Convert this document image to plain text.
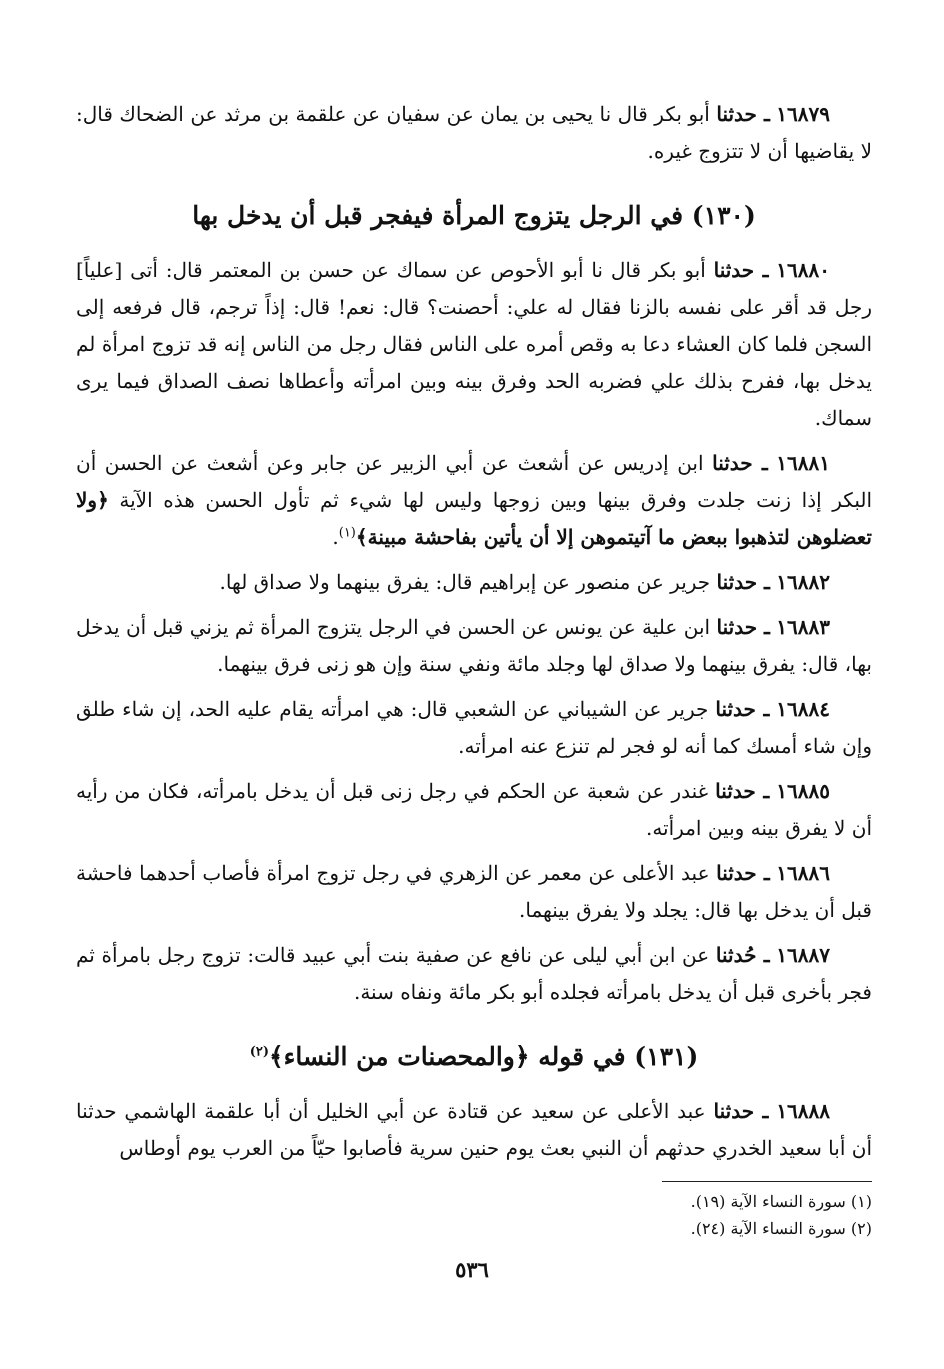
١٦٨٧٩ ـ حدثنا أبو بكر قال نا يحيى بن يمان عن سفيان عن علقمة بن مرثد عن الضحاك قال: لا يقاضيها أن لا تتزوج غيره.

(١٣٠) في الرجل يتزوج المرأة فيفجر قبل أن يدخل بها

١٦٨٨٠ ـ حدثنا أبو بكر قال نا أبو الأحوص عن سماك عن حسن بن المعتمر قال: أتى [علياً] رجل قد أقر على نفسه بالزنا فقال له علي: أحصنت؟ قال: نعم! قال: إذاً ترجم، قال فرفعه إلى السجن فلما كان العشاء دعا به وقص أمره على الناس فقال رجل من الناس إنه قد تزوج امرأة لم يدخل بها، ففرح بذلك علي فضربه الحد وفرق بينه وبين امرأته وأعطاها نصف الصداق فيما يرى سماك.

١٦٨٨١ ـ حدثنا ابن إدريس عن أشعث عن أبي الزبير عن جابر وعن أشعث عن الحسن أن البكر إذا زنت جلدت وفرق بينها وبين زوجها وليس لها شيء ثم تأول الحسن هذه الآية ﴿ولا تعضلوهن لتذهبوا ببعض ما آتيتموهن إلا أن يأتين بفاحشة مبينة﴾$^{(١)}$.

١٦٨٨٢ ـ حدثنا جرير عن منصور عن إبراهيم قال: يفرق بينهما ولا صداق لها.

١٦٨٨٣ ـ حدثنا ابن علية عن يونس عن الحسن في الرجل يتزوج المرأة ثم يزني قبل أن يدخل بها، قال: يفرق بينهما ولا صداق لها وجلد مائة ونفي سنة وإن هو زنى فرق بينهما.

١٦٨٨٤ ـ حدثنا جرير عن الشيباني عن الشعبي قال: هي امرأته يقام عليه الحد، إن شاء طلق وإن شاء أمسك كما أنه لو فجر لم تنزع عنه امرأته.

١٦٨٨٥ ـ حدثنا غندر عن شعبة عن الحكم في رجل زنى قبل أن يدخل بامرأته، فكان من رأيه أن لا يفرق بينه وبين امرأته.

١٦٨٨٦ ـ حدثنا عبد الأعلى عن معمر عن الزهري في رجل تزوج امرأة فأصاب أحدهما فاحشة قبل أن يدخل بها قال: يجلد ولا يفرق بينهما.

١٦٨٨٧ ـ حُدثنا عن ابن أبي ليلى عن نافع عن صفية بنت أبي عبيد قالت: تزوج رجل بامرأة ثم فجر بأخرى قبل أن يدخل بامرأته فجلده أبو بكر مائة ونفاه سنة.

(١٣١) في قوله ﴿والمحصنات من النساء﴾$^{(٢)}$

١٦٨٨٨ ـ حدثنا عبد الأعلى عن سعيد عن قتادة عن أبي الخليل أن أبا علقمة الهاشمي حدثنا أن أبا سعيد الخدري حدثهم أن النبي بعث يوم حنين سرية فأصابوا حيّاً من العرب يوم أوطاس

(١) سورة النساء الآية (١٩).

(٢) سورة النساء الآية (٢٤).

٥٣٦
